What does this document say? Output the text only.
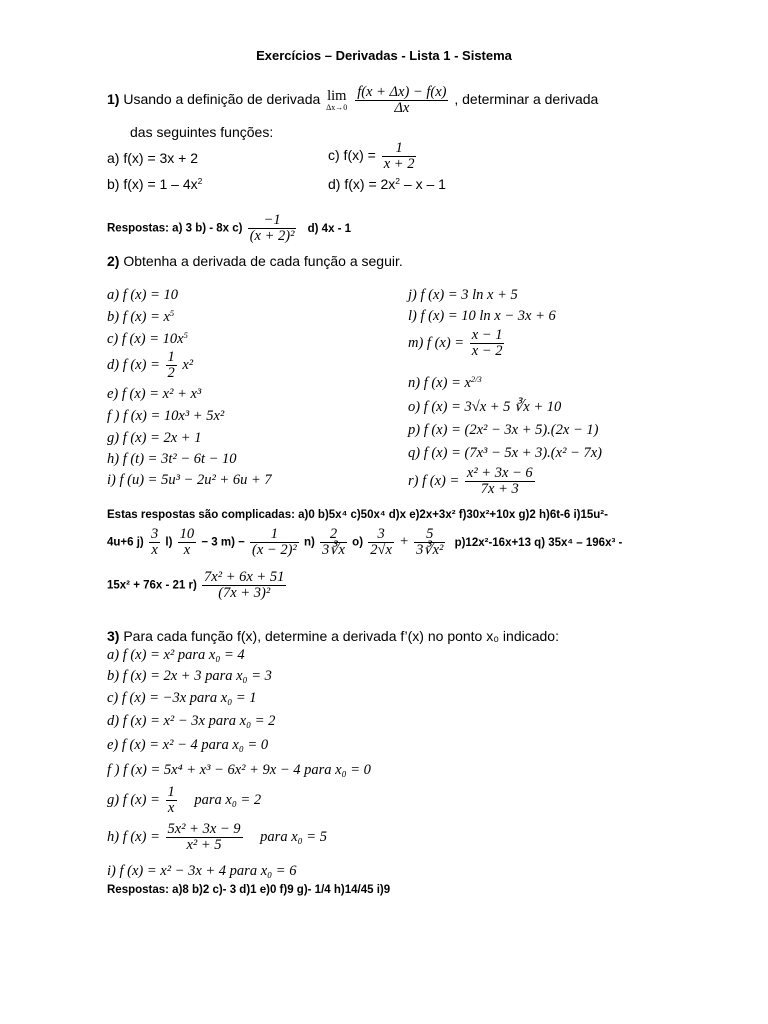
Exercícios – Derivadas - Lista 1 - Sistema
1) Usando a definição de derivada lim
Δx→0
$\frac{f(x + \Delta x) - f(x)}{\Delta x}$ , determinar a derivada
das seguintes funções:
a) f(x) = 3x + 2
b) $f(x) = 1 - 4x^2$
c) $f(x) = \frac{1}{x + 2}$
d) $f(x) = 2x^2 - x - 1$
Respostas: a) 3 b) - 8x $c) \frac{-1}{\text{(x + 2)²}} d$) 4x - 1
2) Obtenha a derivada de cada função a seguir.
a) f (x) = 10
b) f $(x) = x^5$
c) f $(x) = 10x^5$
d) f $(x) = \frac{1}{2} x^2$
e) f (x) = x² + x³
f ) f (x) = 10x³ + 5x²
g) f (x) = 2x + 1
h) f (t) = 3t² − 6t − 10
i) f (u) = 5u³ − 2u² + 6u + 7
j) f (x) = 3 ln x + 5
l) f (x) = 10 ln x − 3x + 6
m) f $(x) = \frac{x - 1}{x - 2}$
n) f $(x) = x^{2/3}$
o) f (x) = 3√x + 5 ∛x + 10
p) f (x) = (2x² − 3x + 5).(2x − 1)
q) f (x) = (7x³ − 5x + 3).(x² − 7x)
r) f $(x) = \frac{\text{x² + 3x − 6}}{7x + 3}$
Estas respostas são complicadas: a)0 b)5x⁴ c)50x⁴ d)x e)2x+3x² f)30x²+10x g)2 h)6t-6 i)15u²-
4u+6 $j) \frac{3}{x} l) \frac{10}{x} - 3$ $m) - \frac{1}{\text{(x − 2)²}} n) \frac{2}{3∛x} o) \frac{3}{2√x} + \frac{5}{\text{3∛x²}} p)12x^2-16x+13$ q) 35x⁴ – 196x³ -
15x² + 76x - 21 $r) \frac{\text{7x² + 6x + 51}}{\text{(7x + 3)²}}$
3) Para cada função f(x), determine a derivada f’(x) no ponto x₀ indicado:
a) f (x) = x² para x₀ = 4
b) f (x) = 2x + 3 para x₀ = 3
c) f (x) = −3x para x₀ = 1
d) f (x) = x² − 3x para x₀ = 2
e) f (x) = x² − 4 para x₀ = 0
f ) f (x) = 5x⁴ + x³ − 6x² + 9x − 4 para x₀ = 0
g) f $(x) = \frac{1}{x}$ para x₀ = 2
h) f $(x) = \frac{\text{5x² + 3x − 9}}{\text{x² + 5}}$ para x₀ = 5
i) f (x) = x² − 3x + 4 para x₀ = 6
Respostas: a)8 b)2 c)- 3 d)1 e)0 f)9 g)- 1/4 h)14/45 i)9
